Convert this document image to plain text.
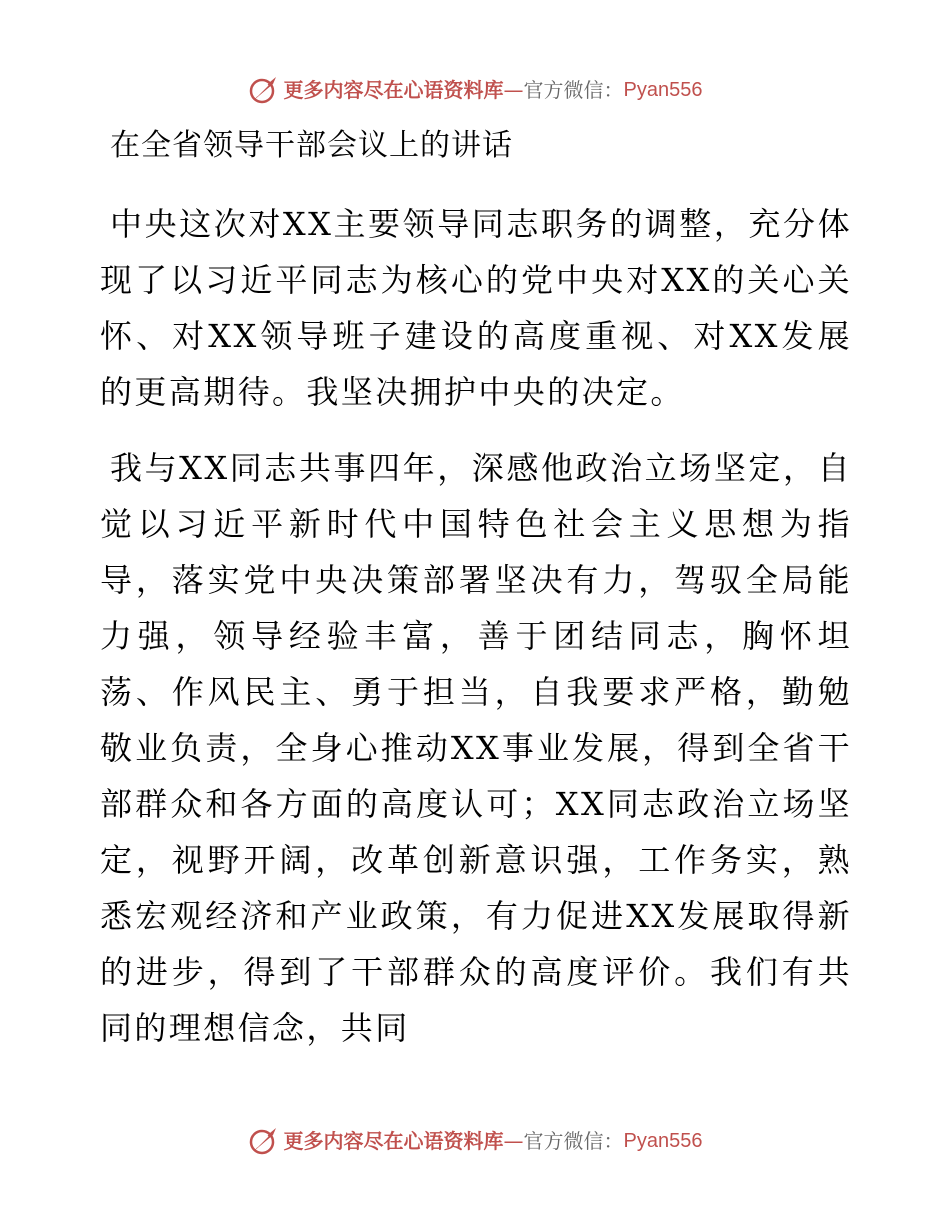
更多内容尽在心语资料库 — 官方微信： Pyan556
在全省领导干部会议上的讲话

中央这次对XX主要领导同志职务的调整，充分体现了以习近平同志为核心的党中央对XX的关心关怀、对XX领导班子建设的高度重视、对XX发展的更高期待。我坚决拥护中央的决定。

我与XX同志共事四年，深感他政治立场坚定，自觉以习近平新时代中国特色社会主义思想为指导，落实党中央决策部署坚决有力，驾驭全局能力强，领导经验丰富，善于团结同志，胸怀坦荡、作风民主、勇于担当，自我要求严格，勤勉敬业负责，全身心推动XX事业发展，得到全省干部群众和各方面的高度认可；XX同志政治立场坚定，视野开阔，改革创新意识强，工作务实，熟悉宏观经济和产业政策，有力促进XX发展取得新的进步，得到了干部群众的高度评价。我们有共同的理想信念，共同

更多内容尽在心语资料库 — 官方微信： Pyan556
